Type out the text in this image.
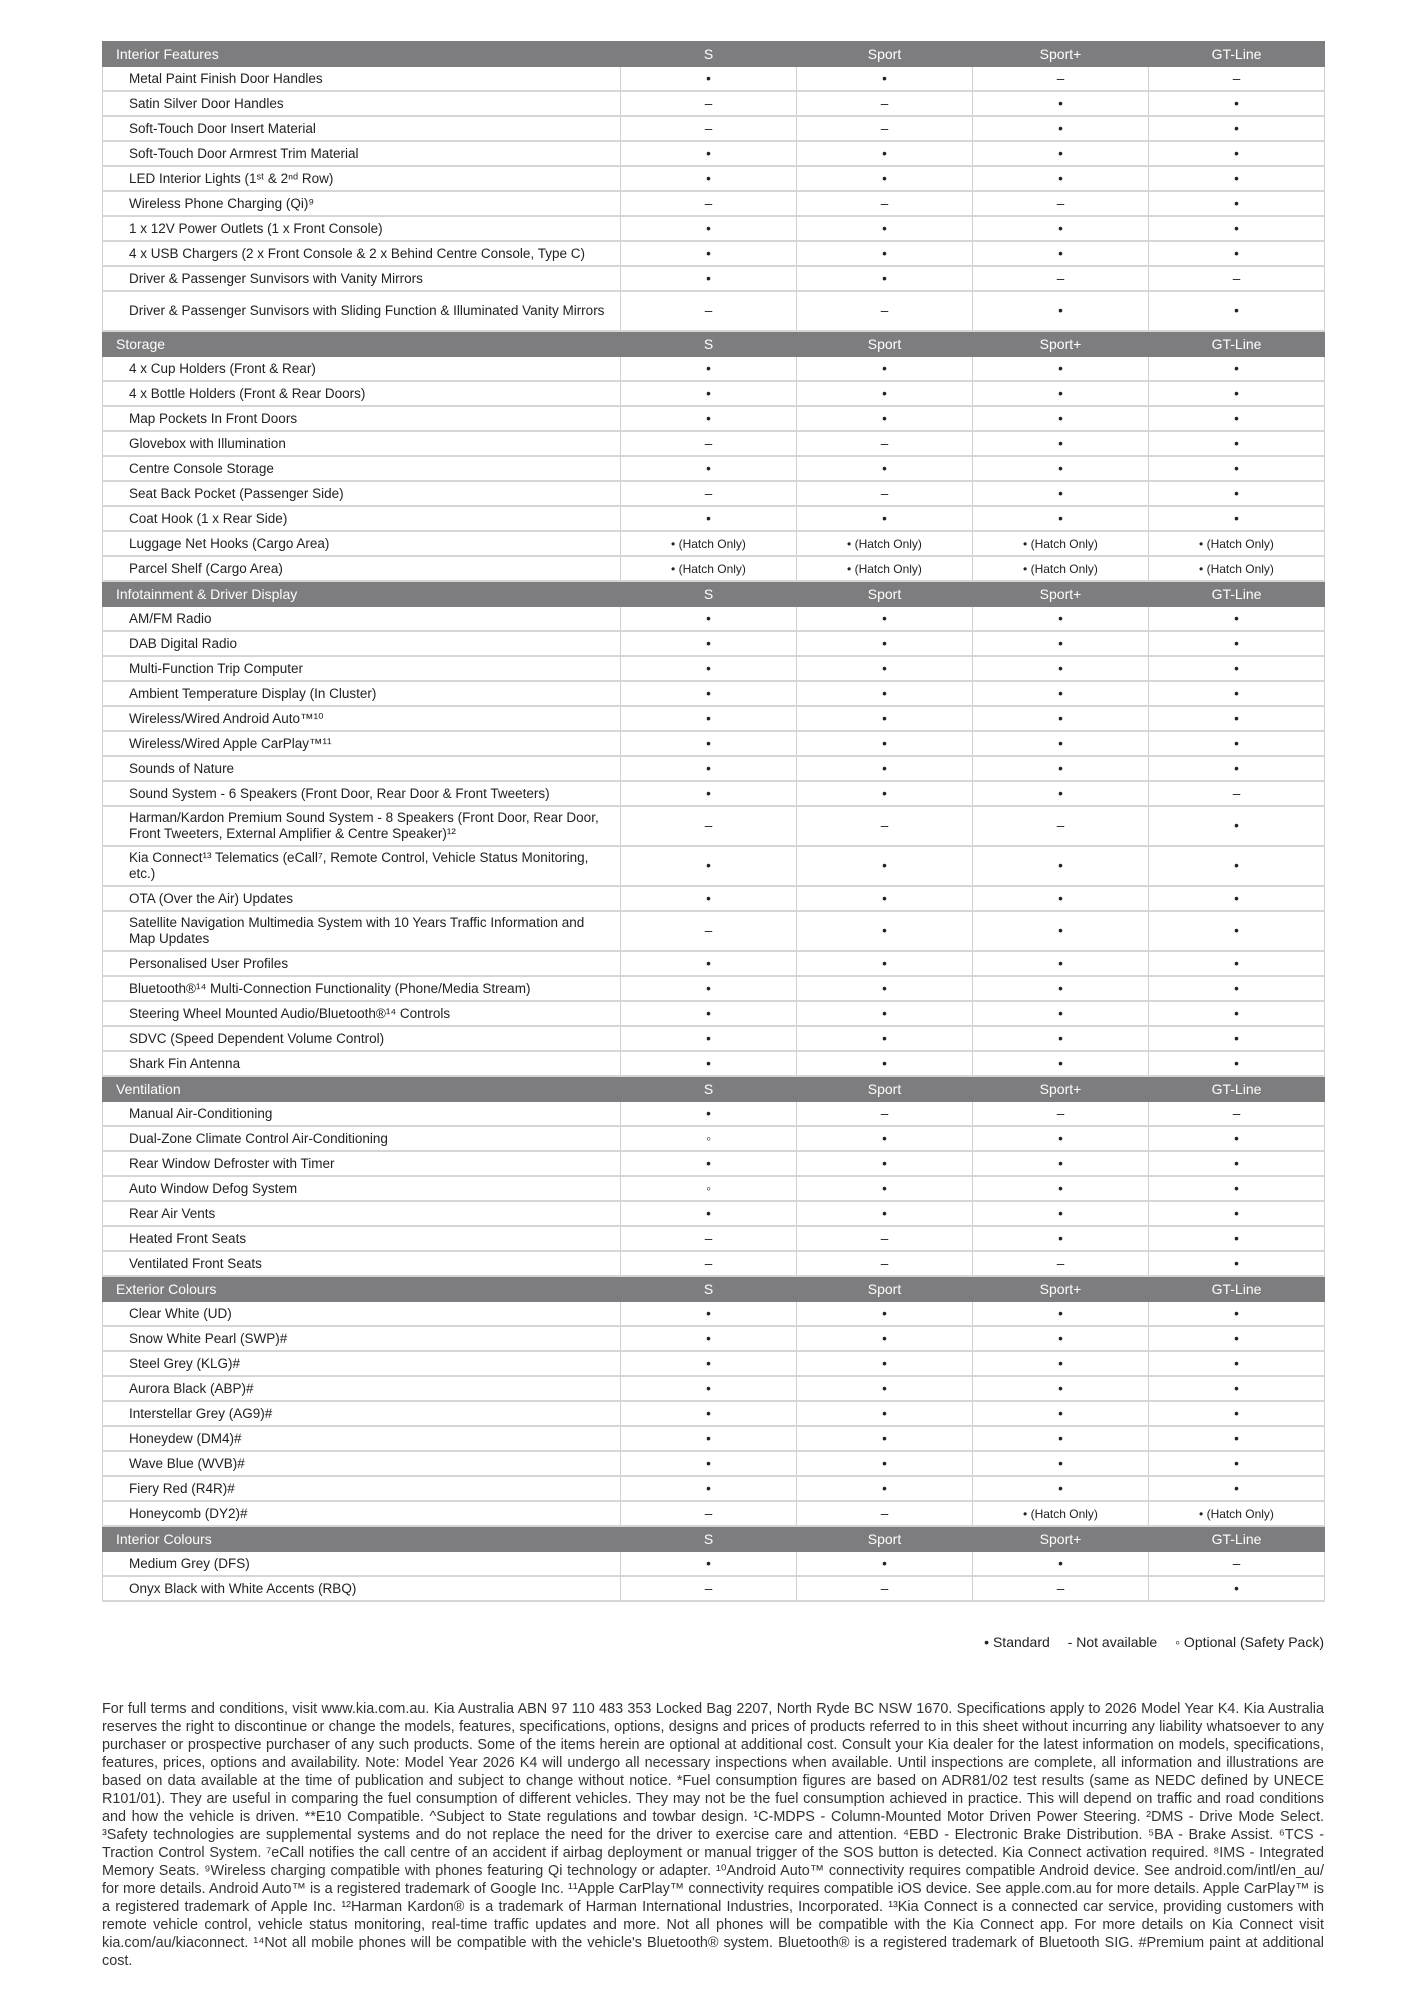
Interior Features	S	Sport	Sport+	GT-Line
Metal Paint Finish Door Handles	•	•	–	–
Satin Silver Door Handles	–	–	•	•
Soft-Touch Door Insert Material	–	–	•	•
Soft-Touch Door Armrest Trim Material	•	•	•	•
LED Interior Lights (1ˢᵗ & 2ⁿᵈ Row)	•	•	•	•
Wireless Phone Charging (Qi)⁹	–	–	–	•
1 x 12V Power Outlets (1 x Front Console)	•	•	•	•
4 x USB Chargers (2 x Front Console & 2 x Behind Centre Console, Type C)	•	•	•	•
Driver & Passenger Sunvisors with Vanity Mirrors	•	•	–	–
Driver & Passenger Sunvisors with Sliding Function & Illuminated Vanity Mirrors	–	–	•	•
Storage	S	Sport	Sport+	GT-Line
4 x Cup Holders (Front & Rear)	•	•	•	•
4 x Bottle Holders (Front & Rear Doors)	•	•	•	•
Map Pockets In Front Doors	•	•	•	•
Glovebox with Illumination	–	–	•	•
Centre Console Storage	•	•	•	•
Seat Back Pocket (Passenger Side)	–	–	•	•
Coat Hook (1 x Rear Side)	•	•	•	•
Luggage Net Hooks (Cargo Area)	• (Hatch Only)	• (Hatch Only)	• (Hatch Only)	• (Hatch Only)
Parcel Shelf (Cargo Area)	• (Hatch Only)	• (Hatch Only)	• (Hatch Only)	• (Hatch Only)
Infotainment & Driver Display	S	Sport	Sport+	GT-Line
AM/FM Radio	•	•	•	•
DAB Digital Radio	•	•	•	•
Multi-Function Trip Computer	•	•	•	•
Ambient Temperature Display (In Cluster)	•	•	•	•
Wireless/Wired Android Auto™¹⁰	•	•	•	•
Wireless/Wired Apple CarPlay™¹¹	•	•	•	•
Sounds of Nature	•	•	•	•
Sound System - 6 Speakers (Front Door, Rear Door & Front Tweeters)	•	•	•	–
Harman/Kardon Premium Sound System - 8 Speakers (Front Door, Rear Door, Front Tweeters, External Amplifier & Centre Speaker)¹²	–	–	–	•
Kia Connect¹³ Telematics (eCall⁷, Remote Control, Vehicle Status Monitoring, etc.)	•	•	•	•
OTA (Over the Air) Updates	•	•	•	•
Satellite Navigation Multimedia System with 10 Years Traffic Information and Map Updates	–	•	•	•
Personalised User Profiles	•	•	•	•
Bluetooth®¹⁴ Multi-Connection Functionality (Phone/Media Stream)	•	•	•	•
Steering Wheel Mounted Audio/Bluetooth®¹⁴ Controls	•	•	•	•
SDVC (Speed Dependent Volume Control)	•	•	•	•
Shark Fin Antenna	•	•	•	•
Ventilation	S	Sport	Sport+	GT-Line
Manual Air-Conditioning	•	–	–	–
Dual-Zone Climate Control Air-Conditioning	◦	•	•	•
Rear Window Defroster with Timer	•	•	•	•
Auto Window Defog System	◦	•	•	•
Rear Air Vents	•	•	•	•
Heated Front Seats	–	–	•	•
Ventilated Front Seats	–	–	–	•
Exterior Colours	S	Sport	Sport+	GT-Line
Clear White (UD)	•	•	•	•
Snow White Pearl (SWP)#	•	•	•	•
Steel Grey (KLG)#	•	•	•	•
Aurora Black (ABP)#	•	•	•	•
Interstellar Grey (AG9)#	•	•	•	•
Honeydew (DM4)#	•	•	•	•
Wave Blue (WVB)#	•	•	•	•
Fiery Red (R4R)#	•	•	•	•
Honeycomb (DY2)#	–	–	• (Hatch Only)	• (Hatch Only)
Interior Colours	S	Sport	Sport+	GT-Line
Medium Grey (DFS)	•	•	•	–
Onyx Black with White Accents (RBQ)	–	–	–	•
• Standard - Not available ◦ Optional (Safety Pack)

For full terms and conditions, visit www.kia.com.au. Kia Australia ABN 97 110 483 353 Locked Bag 2207, North Ryde BC NSW 1670. Specifications apply to 2026 Model Year K4. Kia Australia reserves the right to discontinue or change the models, features, specifications, options, designs and prices of products referred to in this sheet without incurring any liability whatsoever to any purchaser or prospective purchaser of any such products. Some of the items herein are optional at additional cost. Consult your Kia dealer for the latest information on models, specifications, features, prices, options and availability. Note: Model Year 2026 K4 will undergo all necessary inspections when available. Until inspections are complete, all information and illustrations are based on data available at the time of publication and subject to change without notice. *Fuel consumption figures are based on ADR81/02 test results (same as NEDC defined by UNECE R101/01). They are useful in comparing the fuel consumption of different vehicles. They may not be the fuel consumption achieved in practice. This will depend on traffic and road conditions and how the vehicle is driven. **E10 Compatible. ^Subject to State regulations and towbar design. ¹C-MDPS - Column-Mounted Motor Driven Power Steering. ²DMS - Drive Mode Select. ³Safety technologies are supplemental systems and do not replace the need for the driver to exercise care and attention. ⁴EBD - Electronic Brake Distribution. ⁵BA - Brake Assist. ⁶TCS - Traction Control System. ⁷eCall notifies the call centre of an accident if airbag deployment or manual trigger of the SOS button is detected. Kia Connect activation required. ⁸IMS - Integrated Memory Seats. ⁹Wireless charging compatible with phones featuring Qi technology or adapter. ¹⁰Android Auto™ connectivity requires compatible Android device. See android.com/intl/en_au/ for more details. Android Auto™ is a registered trademark of Google Inc. ¹¹Apple CarPlay™ connectivity requires compatible iOS device. See apple.com.au for more details. Apple CarPlay™ is a registered trademark of Apple Inc. ¹²Harman Kardon® is a trademark of Harman International Industries, Incorporated. ¹³Kia Connect is a connected car service, providing customers with remote vehicle control, vehicle status monitoring, real-time traffic updates and more. Not all phones will be compatible with the Kia Connect app. For more details on Kia Connect visit kia.com/au/kiaconnect. ¹⁴Not all mobile phones will be compatible with the vehicle's Bluetooth® system. Bluetooth® is a registered trademark of Bluetooth SIG. #Premium paint at additional cost.
